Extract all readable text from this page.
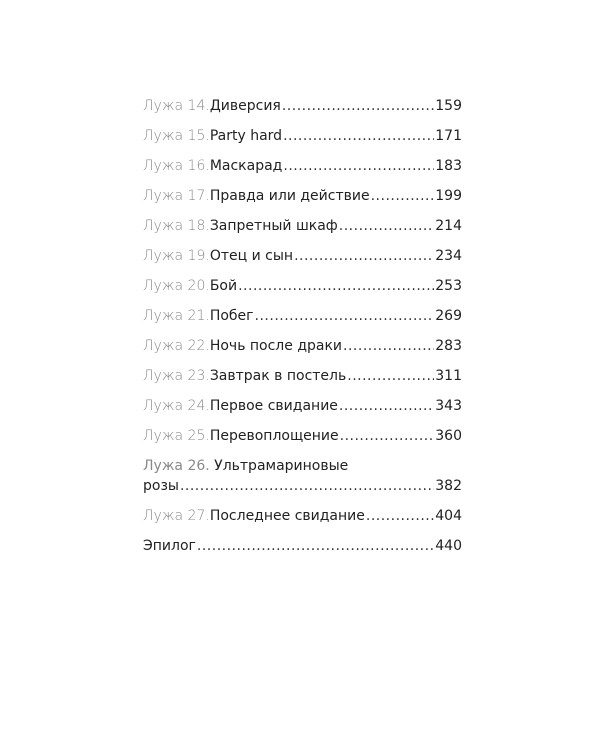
Лужа 14. Диверсия .....	159
Лужа 15. Party hard .....	171
Лужа 16. Маскарад .....	183
Лужа 17. Правда или действие .....	199
Лужа 18. Запретный шкаф .....	214
Лужа 19. Отец и сын .....	234
Лужа 20. Бой .....	253
Лужа 21. Побег .....	269
Лужа 22. Ночь после драки .....	283
Лужа 23. Завтрак в постель .....	311
Лужа 24. Первое свидание .....	343
Лужа 25. Перевоплощение .....	360
Лужа 26. Ультрамариновые
розы .....	382
Лужа 27. Последнее свидание .....	404
Эпилог .....	440
